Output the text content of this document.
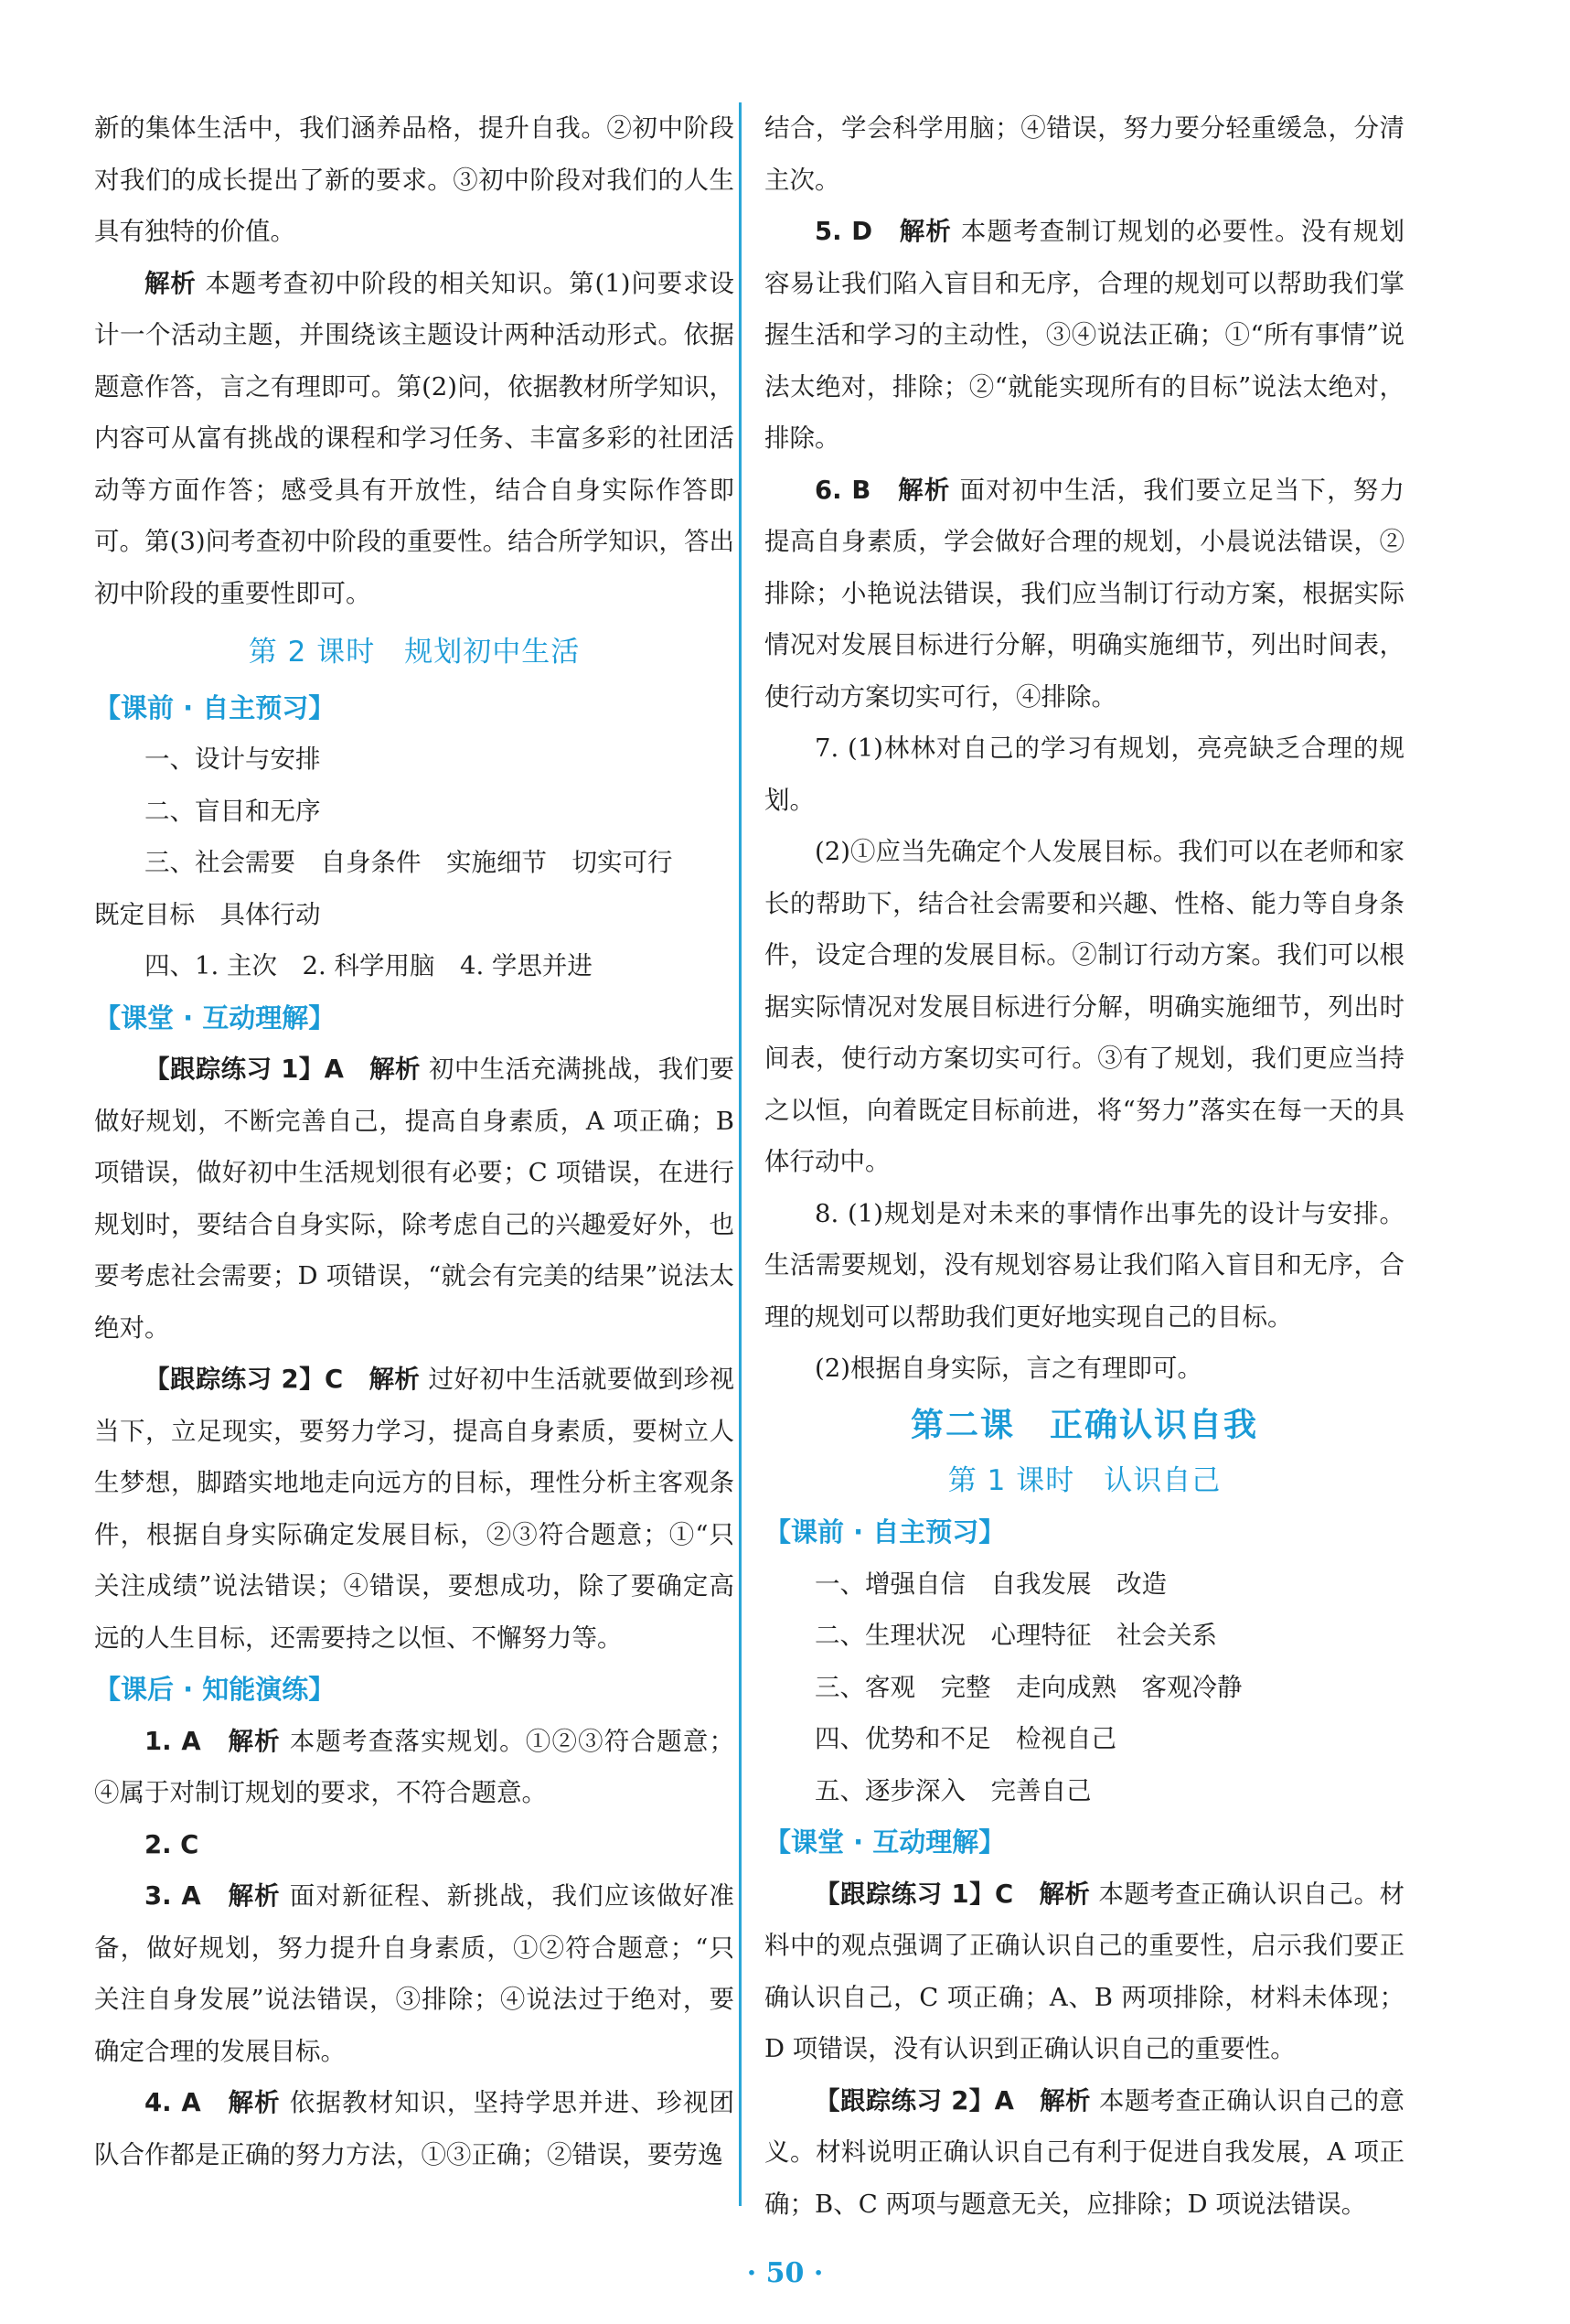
新的集体生活中，我们涵养品格，提升自我。②初中阶段对我们的成长提出了新的要求。③初中阶段对我们的人生具有独特的价值。

解析 本题考查初中阶段的相关知识。第(1)问要求设计一个活动主题，并围绕该主题设计两种活动形式。依据题意作答，言之有理即可。第(2)问，依据教材所学知识，内容可从富有挑战的课程和学习任务、丰富多彩的社团活动等方面作答；感受具有开放性，结合自身实际作答即可。第(3)问考查初中阶段的重要性。结合所学知识，答出初中阶段的重要性即可。

第 2 课时　规划初中生活

【课前 · 自主预习】

一、设计与安排

二、盲目和无序

三、社会需要　自身条件　实施细节　切实可行

既定目标　具体行动

四、1. 主次　2. 科学用脑　4. 学思并进

【课堂 · 互动理解】

【跟踪练习 1】A　解析 初中生活充满挑战，我们要做好规划，不断完善自己，提高自身素质，A 项正确；B 项错误，做好初中生活规划很有必要；C 项错误，在进行规划时，要结合自身实际，除考虑自己的兴趣爱好外，也要考虑社会需要；D 项错误，“就会有完美的结果”说法太绝对。

【跟踪练习 2】C　解析 过好初中生活就要做到珍视当下，立足现实，要努力学习，提高自身素质，要树立人生梦想，脚踏实地地走向远方的目标，理性分析主客观条件，根据自身实际确定发展目标，②③符合题意；①“只关注成绩”说法错误；④错误，要想成功，除了要确定高远的人生目标，还需要持之以恒、不懈努力等。

【课后 · 知能演练】

1. A　解析 本题考查落实规划。①②③符合题意；④属于对制订规划的要求，不符合题意。

2. C

3. A　解析 面对新征程、新挑战，我们应该做好准备，做好规划，努力提升自身素质，①②符合题意；“只关注自身发展”说法错误，③排除；④说法过于绝对，要确定合理的发展目标。

4. A　解析 依据教材知识，坚持学思并进、珍视团队合作都是正确的努力方法，①③正确；②错误，要劳逸

结合，学会科学用脑；④错误，努力要分轻重缓急，分清主次。

5. D　解析 本题考查制订规划的必要性。没有规划容易让我们陷入盲目和无序，合理的规划可以帮助我们掌握生活和学习的主动性，③④说法正确；①“所有事情”说法太绝对，排除；②“就能实现所有的目标”说法太绝对，排除。

6. B　解析 面对初中生活，我们要立足当下，努力提高自身素质，学会做好合理的规划，小晨说法错误，②排除；小艳说法错误，我们应当制订行动方案，根据实际情况对发展目标进行分解，明确实施细节，列出时间表，使行动方案切实可行，④排除。

7. (1)林林对自己的学习有规划，亮亮缺乏合理的规划。

(2)①应当先确定个人发展目标。我们可以在老师和家长的帮助下，结合社会需要和兴趣、性格、能力等自身条件，设定合理的发展目标。②制订行动方案。我们可以根据实际情况对发展目标进行分解，明确实施细节，列出时间表，使行动方案切实可行。③有了规划，我们更应当持之以恒，向着既定目标前进，将“努力”落实在每一天的具体行动中。

8. (1)规划是对未来的事情作出事先的设计与安排。生活需要规划，没有规划容易让我们陷入盲目和无序，合理的规划可以帮助我们更好地实现自己的目标。

(2)根据自身实际，言之有理即可。

第二课　正确认识自我

第 1 课时　认识自己

【课前 · 自主预习】

一、增强自信　自我发展　改造

二、生理状况　心理特征　社会关系

三、客观　完整　走向成熟　客观冷静

四、优势和不足　检视自己

五、逐步深入　完善自己

【课堂 · 互动理解】

【跟踪练习 1】C　解析 本题考查正确认识自己。材料中的观点强调了正确认识自己的重要性，启示我们要正确认识自己，C 项正确；A、B 两项排除，材料未体现；D 项错误，没有认识到正确认识自己的重要性。

【跟踪练习 2】A　解析 本题考查正确认识自己的意义。材料说明正确认识自己有利于促进自我发展，A 项正确；B、C 两项与题意无关，应排除；D 项说法错误。

· 50 ·
